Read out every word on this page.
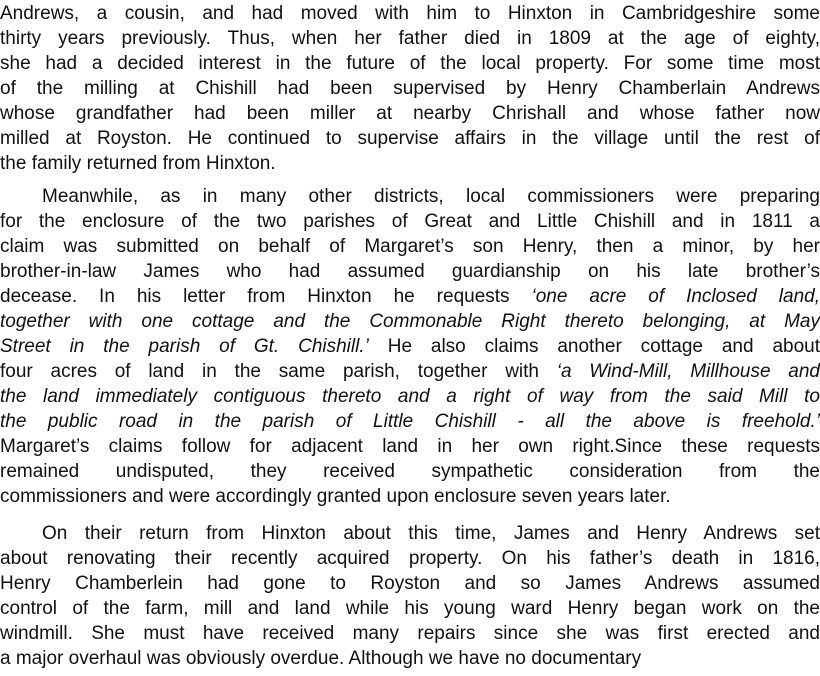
Andrews, a cousin, and had moved with him to Hinxton in Cambridgeshire some
thirty years previously. Thus, when her father died in 1809 at the age of eighty,
she had a decided interest in the future of the local property. For some time most
of the milling at Chishill had been supervised by Henry Chamberlain Andrews
whose grandfather had been miller at nearby Chrishall and whose father now
milled at Royston. He continued to supervise affairs in the village until the rest of
the family returned from Hinxton.
Meanwhile, as in many other districts, local commissioners were preparing
for the enclosure of the two parishes of Great and Little Chishill and in 1811 a
claim was submitted on behalf of Margaret’s son Henry, then a minor, by her
brother-in-law James who had assumed guardianship on his late brother’s
decease. In his letter from Hinxton he requests ‘one acre of Inclosed land,
together with one cottage and the Commonable Right thereto belonging, at May
Street in the parish of Gt. Chishill.’ He also claims another cottage and about
four acres of land in the same parish, together with ‘a Wind-Mill, Millhouse and
the land immediately contiguous thereto and a right of way from the said Mill to
the public road in the parish of Little Chishill - all the above is freehold.’
Margaret’s claims follow for adjacent land in her own right.Since these requests
remained undisputed, they received sympathetic consideration from the
commissioners and were accordingly granted upon enclosure seven years later.
On their return from Hinxton about this time, James and Henry Andrews set
about renovating their recently acquired property. On his father’s death in 1816,
Henry Chamberlein had gone to Royston and so James Andrews assumed
control of the farm, mill and land while his young ward Henry began work on the
windmill. She must have received many repairs since she was first erected and
a major overhaul was obviously overdue. Although we have no documentary
